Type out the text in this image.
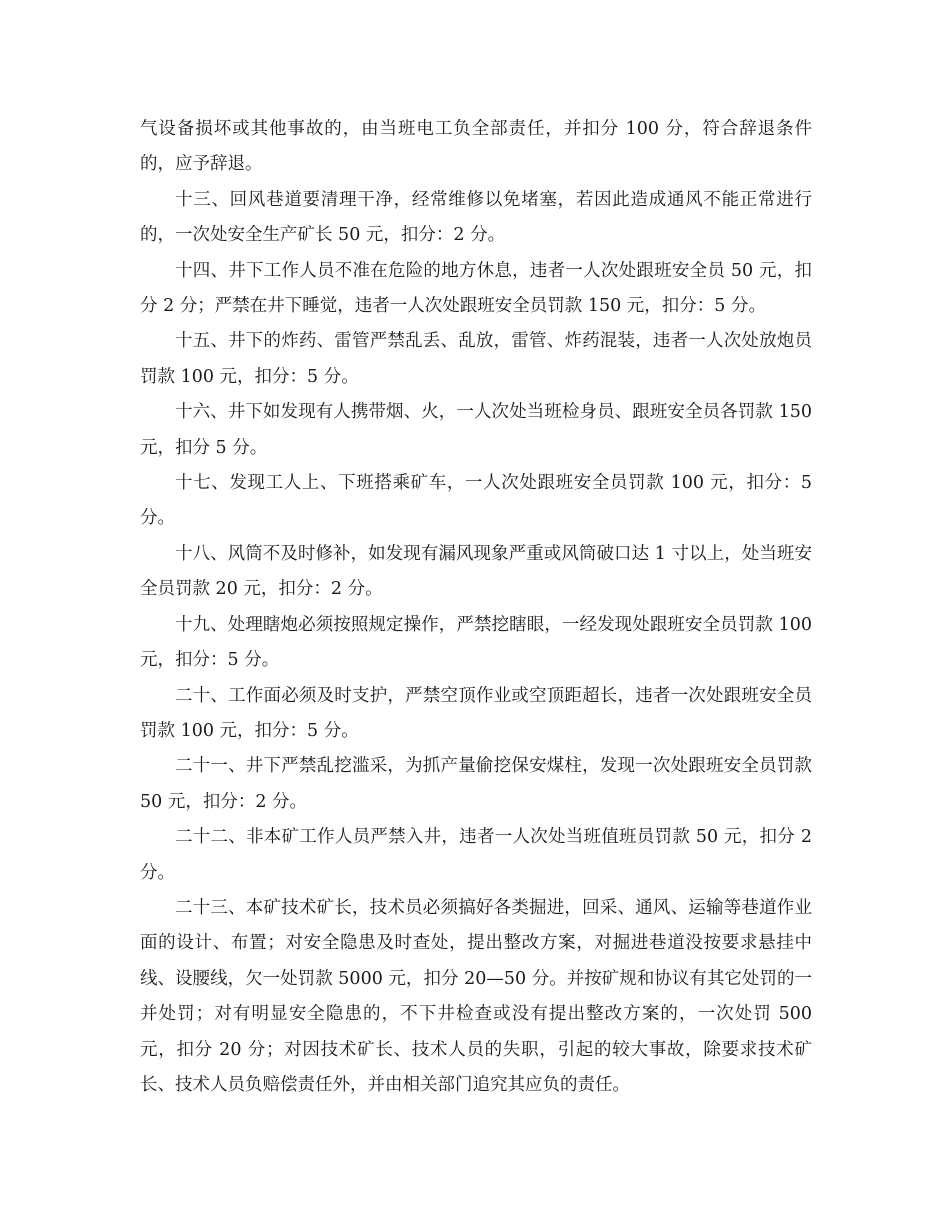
气设备损坏或其他事故的，由当班电工负全部责任，并扣分 100 分，符合辞退条件的，应予辞退。

十三、回风巷道要清理干净，经常维修以免堵塞，若因此造成通风不能正常进行的，一次处安全生产矿长 50 元，扣分：2 分。

十四、井下工作人员不准在危险的地方休息，违者一人次处跟班安全员 50 元，扣分 2 分；严禁在井下睡觉，违者一人次处跟班安全员罚款 150 元，扣分：5 分。

十五、井下的炸药、雷管严禁乱丢、乱放，雷管、炸药混装，违者一人次处放炮员罚款 100 元，扣分：5 分。

十六、井下如发现有人携带烟、火，一人次处当班检身员、跟班安全员各罚款 150 元，扣分 5 分。

十七、发现工人上、下班搭乘矿车，一人次处跟班安全员罚款 100 元，扣分：5 分。

十八、风筒不及时修补，如发现有漏风现象严重或风筒破口达 1 寸以上，处当班安全员罚款 20 元，扣分：2 分。

十九、处理瞎炮必须按照规定操作，严禁挖瞎眼，一经发现处跟班安全员罚款 100 元，扣分：5 分。

二十、工作面必须及时支护，严禁空顶作业或空顶距超长，违者一次处跟班安全员罚款 100 元，扣分：5 分。

二十一、井下严禁乱挖滥采，为抓产量偷挖保安煤柱，发现一次处跟班安全员罚款 50 元，扣分：2 分。

二十二、非本矿工作人员严禁入井，违者一人次处当班值班员罚款 50 元，扣分 2 分。

二十三、本矿技术矿长，技术员必须搞好各类掘进，回采、通风、运输等巷道作业面的设计、布置；对安全隐患及时查处，提出整改方案，对掘进巷道没按要求悬挂中线、设腰线，欠一处罚款 5000 元，扣分 20—50 分。并按矿规和协议有其它处罚的一并处罚；对有明显安全隐患的，不下井检查或没有提出整改方案的，一次处罚 500 元，扣分 20 分；对因技术矿长、技术人员的失职，引起的较大事故，除要求技术矿长、技术人员负赔偿责任外，并由相关部门追究其应负的责任。
